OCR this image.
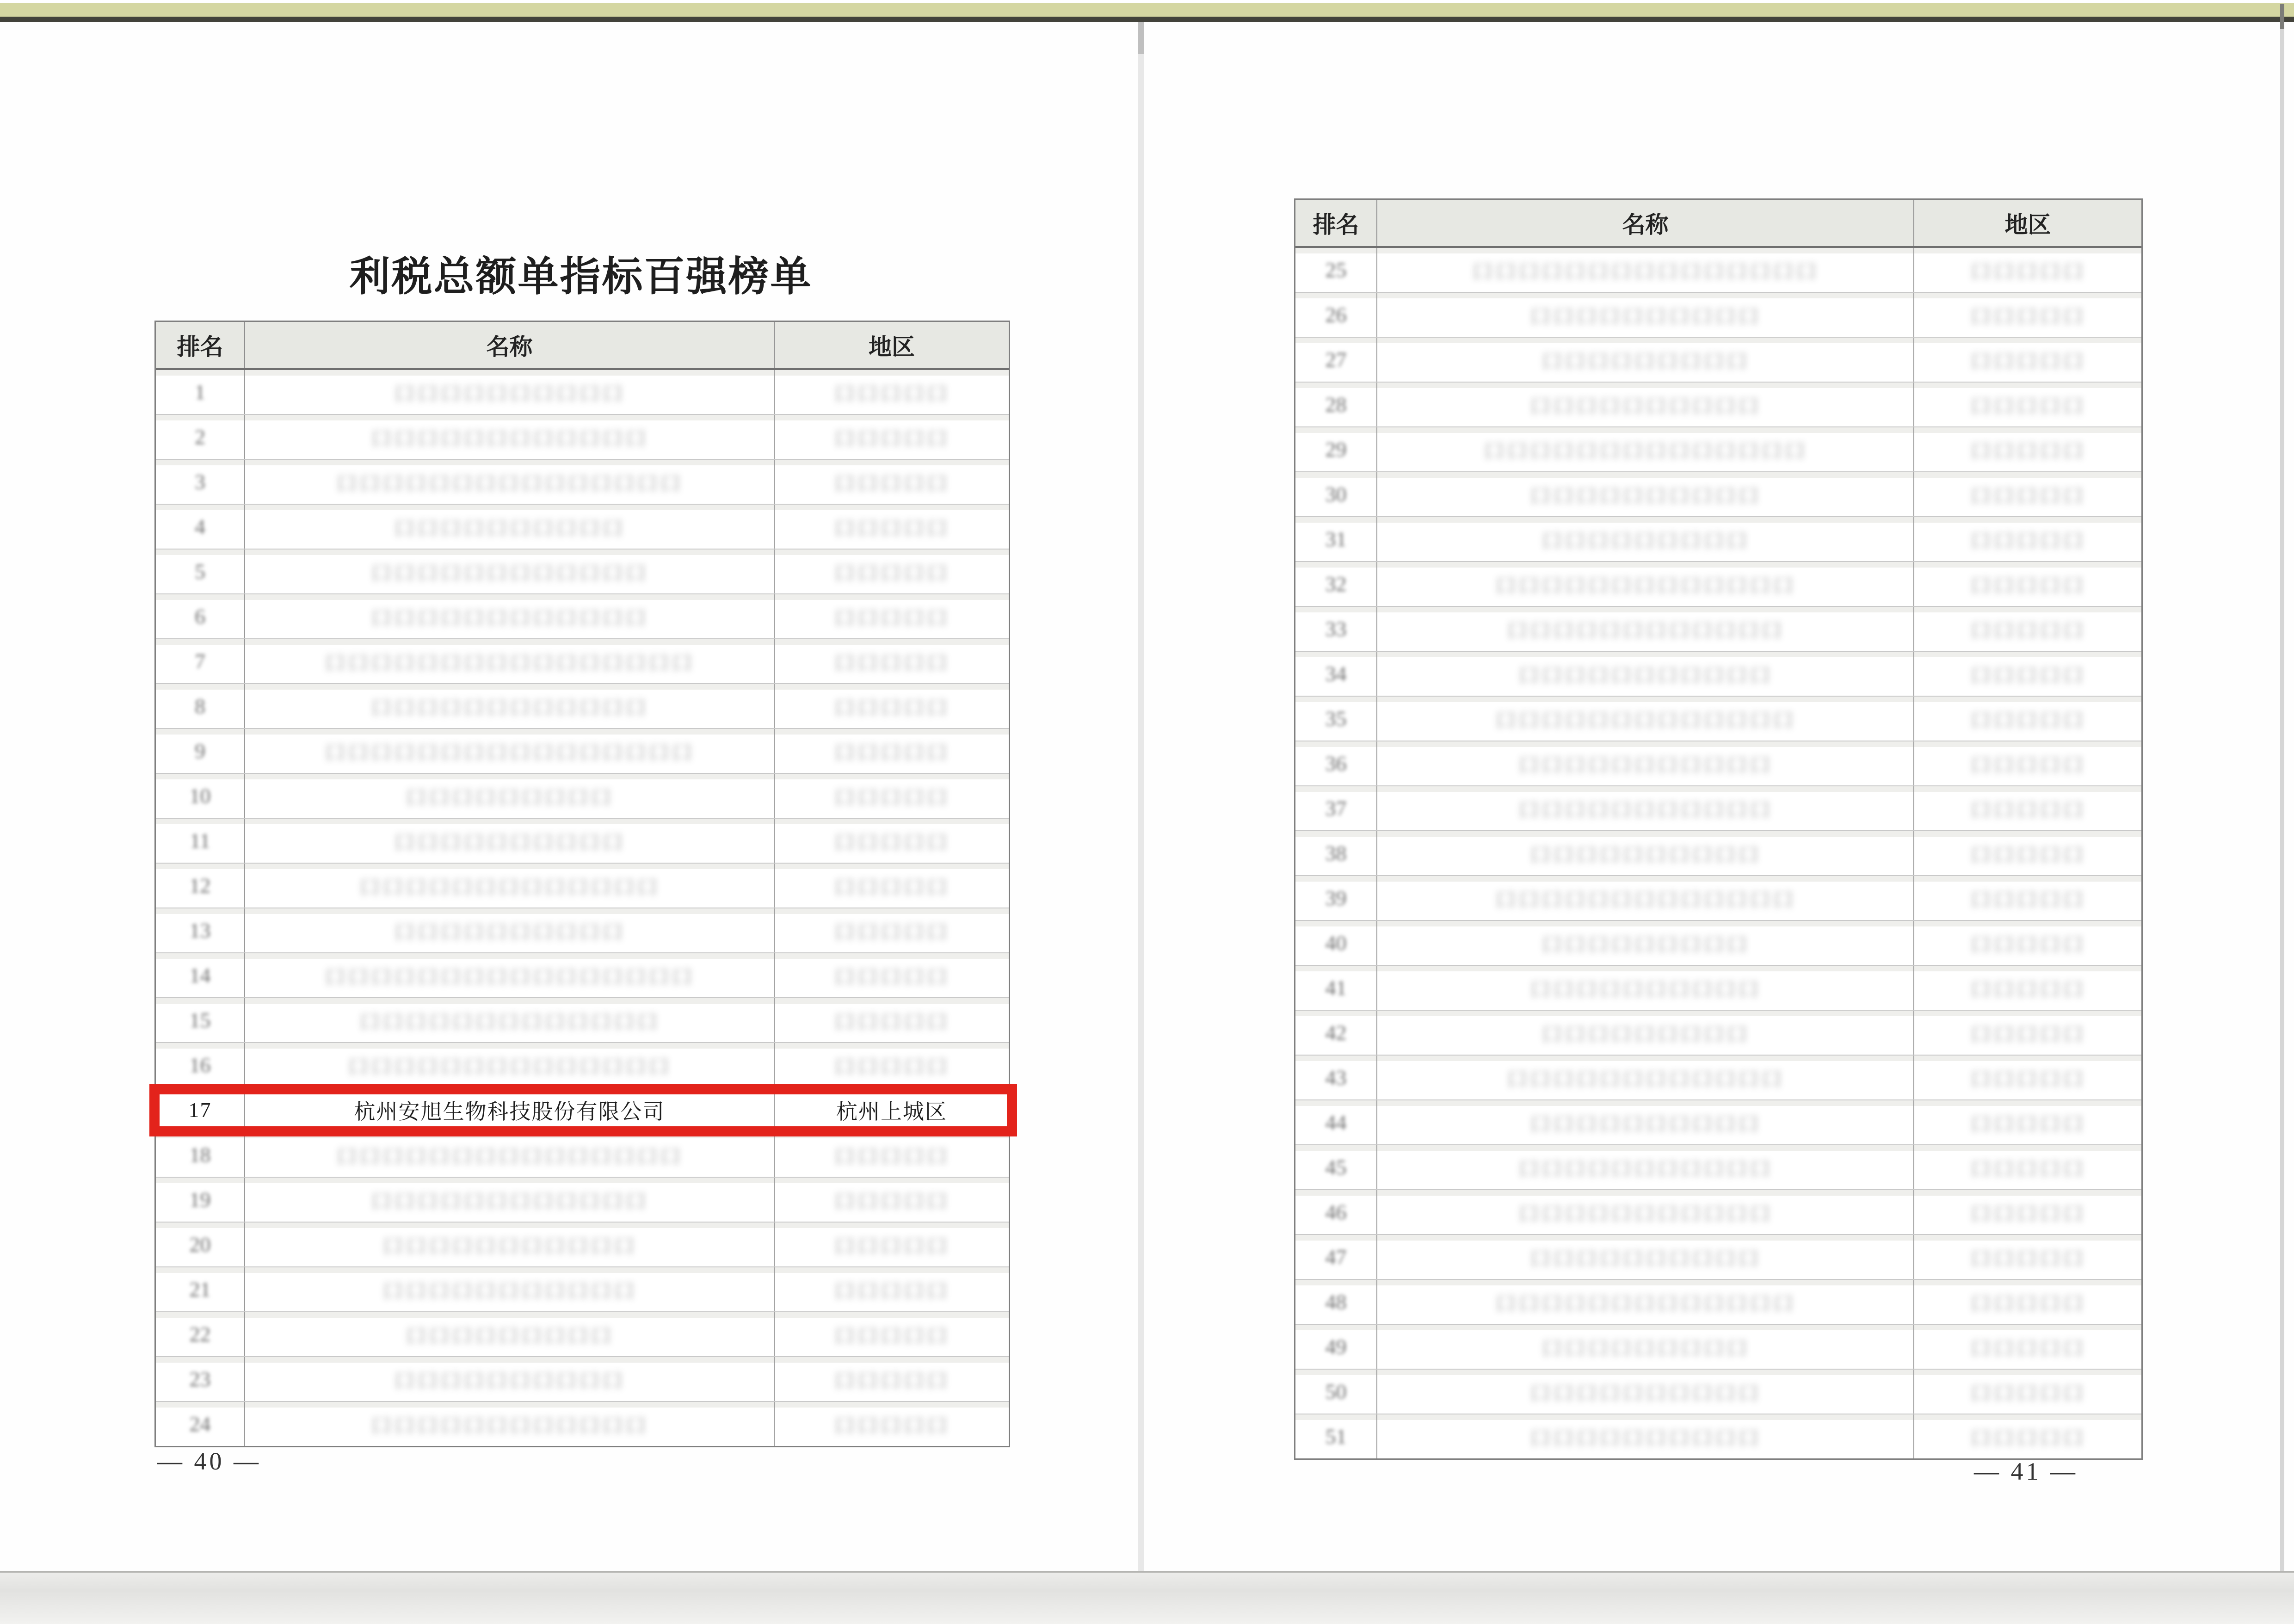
利税总额单指标百强榜单
排名	名称	地区
1	口口口口口口口口口口	口口口口口
2	口口口口口口口口口口口口	口口口口口
3	口口口口口口口口口口口口口口口	口口口口口
4	口口口口口口口口口口	口口口口口
5	口口口口口口口口口口口口	口口口口口
6	口口口口口口口口口口口口	口口口口口
7	口口口口口口口口口口口口口口口口	口口口口口
8	口口口口口口口口口口口口	口口口口口
9	口口口口口口口口口口口口口口口口	口口口口口
10	口口口口口口口口口	口口口口口
11	口口口口口口口口口口	口口口口口
12	口口口口口口口口口口口口口	口口口口口
13	口口口口口口口口口口	口口口口口
14	口口口口口口口口口口口口口口口口	口口口口口
15	口口口口口口口口口口口口口	口口口口口
16	口口口口口口口口口口口口口口	口口口口口
17	杭州安旭生物科技股份有限公司	杭州上城区
18	口口口口口口口口口口口口口口口	口口口口口
19	口口口口口口口口口口口口	口口口口口
20	口口口口口口口口口口口	口口口口口
21	口口口口口口口口口口口	口口口口口
22	口口口口口口口口口	口口口口口
23	口口口口口口口口口口	口口口口口
24	口口口口口口口口口口口口	口口口口口
— 40 —
排名	名称	地区
25	口口口口口口口口口口口口口口口	口口口口口
26	口口口口口口口口口口	口口口口口
27	口口口口口口口口口	口口口口口
28	口口口口口口口口口口	口口口口口
29	口口口口口口口口口口口口口口	口口口口口
30	口口口口口口口口口口	口口口口口
31	口口口口口口口口口	口口口口口
32	口口口口口口口口口口口口口	口口口口口
33	口口口口口口口口口口口口	口口口口口
34	口口口口口口口口口口口	口口口口口
35	口口口口口口口口口口口口口	口口口口口
36	口口口口口口口口口口口	口口口口口
37	口口口口口口口口口口口	口口口口口
38	口口口口口口口口口口	口口口口口
39	口口口口口口口口口口口口口	口口口口口
40	口口口口口口口口口	口口口口口
41	口口口口口口口口口口	口口口口口
42	口口口口口口口口口	口口口口口
43	口口口口口口口口口口口口	口口口口口
44	口口口口口口口口口口	口口口口口
45	口口口口口口口口口口口	口口口口口
46	口口口口口口口口口口口	口口口口口
47	口口口口口口口口口口	口口口口口
48	口口口口口口口口口口口口口	口口口口口
49	口口口口口口口口口	口口口口口
50	口口口口口口口口口口	口口口口口
51	口口口口口口口口口口	口口口口口
— 41 —
